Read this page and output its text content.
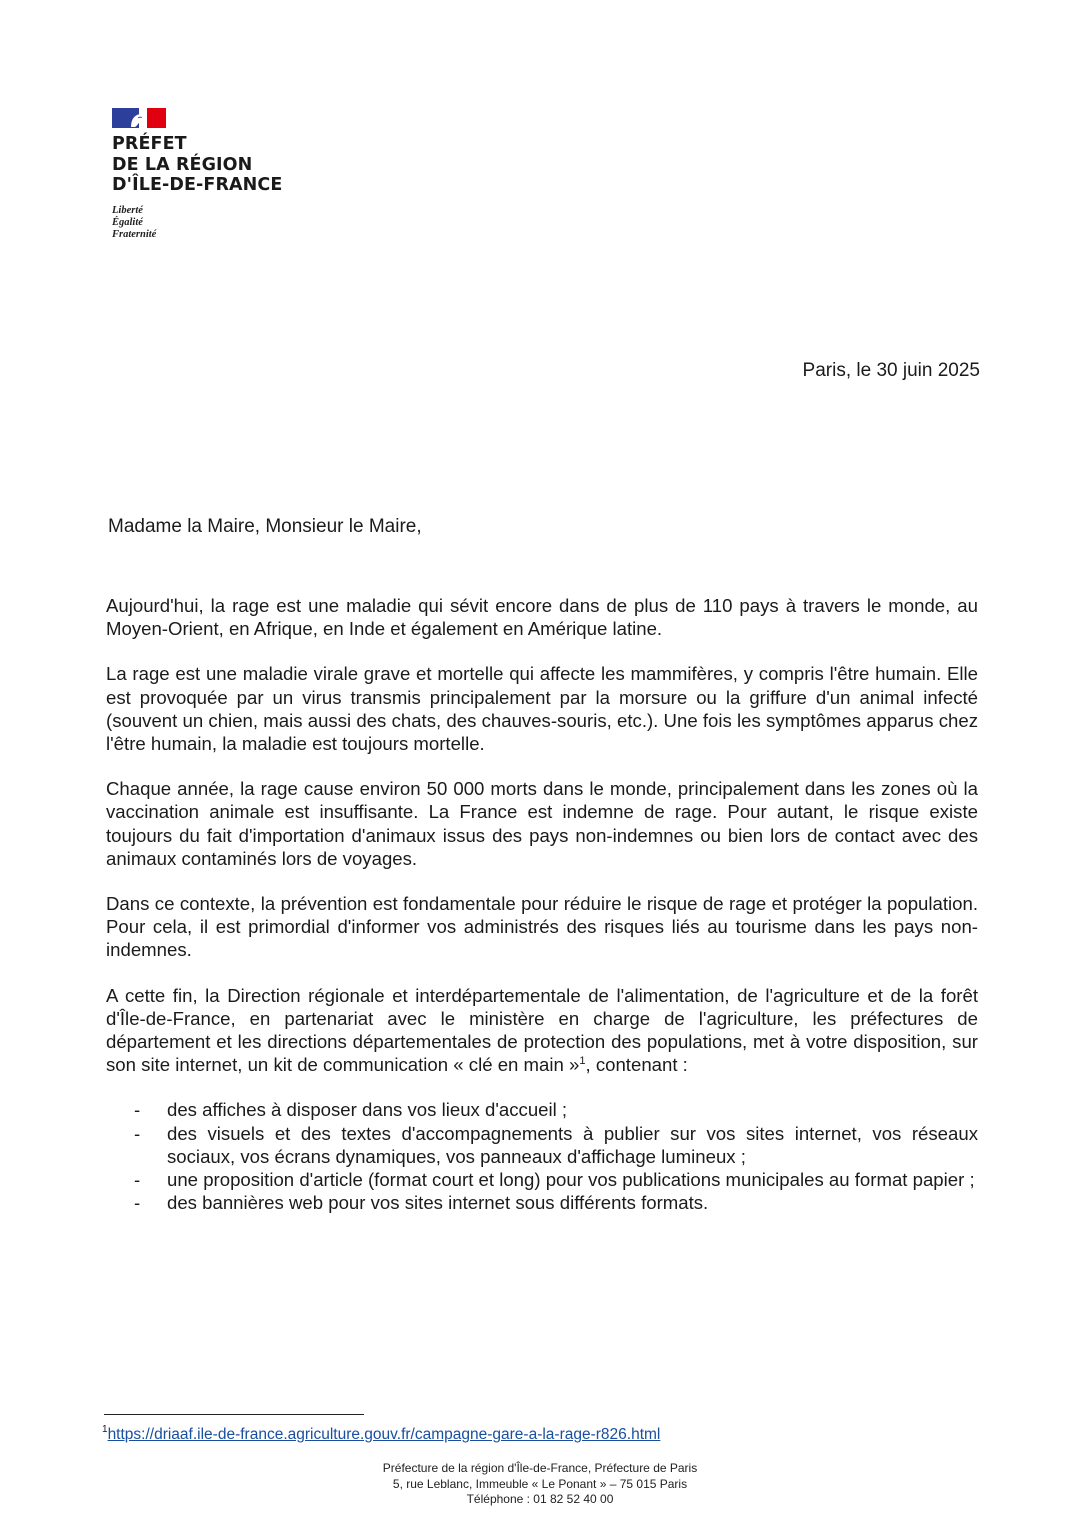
PRÉFET
DE LA RÉGION
D'ÎLE-DE-FRANCE
Liberté
Égalité
Fraternité
Paris, le 30 juin 2025
Madame la Maire, Monsieur le Maire,

Aujourd'hui, la rage est une maladie qui sévit encore dans de plus de 110 pays à travers le monde, au Moyen-Orient, en Afrique, en Inde et également en Amérique latine.

La rage est une maladie virale grave et mortelle qui affecte les mammifères, y compris l'être humain. Elle est provoquée par un virus transmis principalement par la morsure ou la griffure d'un animal infecté (souvent un chien, mais aussi des chats, des chauves-souris, etc.). Une fois les symptômes apparus chez l'être humain, la maladie est toujours mortelle.

Chaque année, la rage cause environ 50 000 morts dans le monde, principalement dans les zones où la vaccination animale est insuffisante. La France est indemne de rage. Pour autant, le risque existe toujours du fait d'importation d'animaux issus des pays non-indemnes ou bien lors de contact avec des animaux contaminés lors de voyages.

Dans ce contexte, la prévention est fondamentale pour réduire le risque de rage et protéger la population. Pour cela, il est primordial d'informer vos administrés des risques liés au tourisme dans les pays non-indemnes.

A cette fin, la Direction régionale et interdépartementale de l'alimentation, de l'agriculture et de la forêt d'Île-de-France, en partenariat avec le ministère en charge de l'agriculture, les préfectures de département et les directions départementales de protection des populations, met à votre disposition, sur son site internet, un kit de communication « clé en main »$^1$, contenant :

- des affiches à disposer dans vos lieux d'accueil ;
- des visuels et des textes d'accompagnements à publier sur vos sites internet, vos réseaux sociaux, vos écrans dynamiques, vos panneaux d'affichage lumineux ;
- une proposition d'article (format court et long) pour vos publications municipales au format papier ;
- des bannières web pour vos sites internet sous différents formats.
$^1$https://driaaf.ile-de-france.agriculture.gouv.fr/campagne-gare-a-la-rage-r826.html
Préfecture de la région d'Île-de-France, Préfecture de Paris
5, rue Leblanc, Immeuble « Le Ponant » – 75 015 Paris
Téléphone : 01 82 52 40 00
